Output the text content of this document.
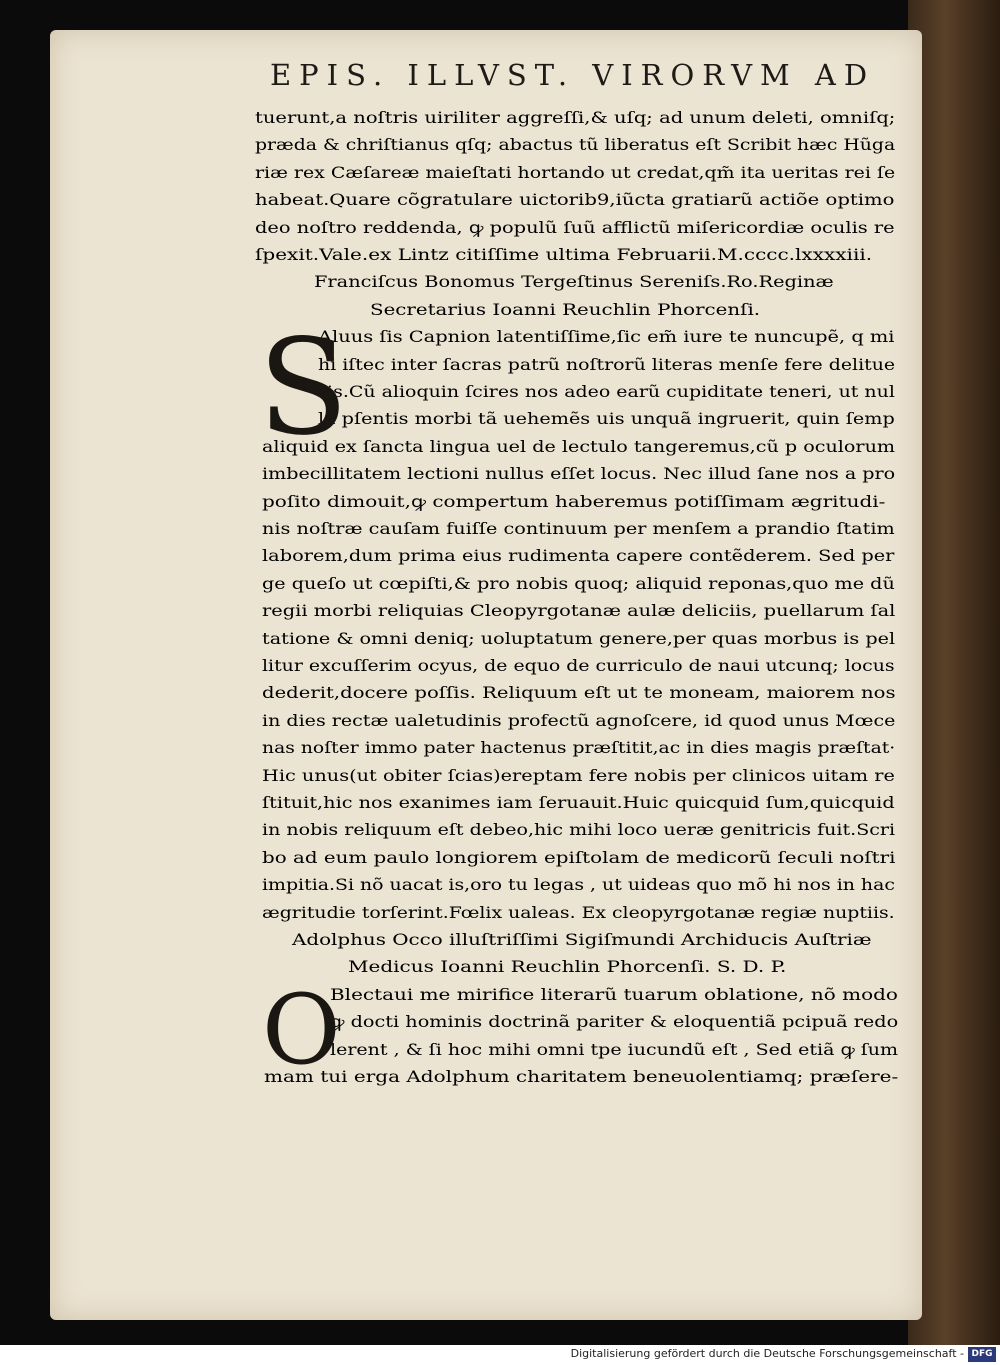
EPIS. ILLVST. VIRORVM AD
tuerunt,a noſtris uiriliter aggreſſi,& uſq; ad unum deleti, omniſq;
præda & chriſtianus qſq; abactus tũ liberatus eſt Scribit hæc Hũga
riæ rex Cæſareæ maieſtati hortando ut credat,qm̃ ita ueritas rei ſe
habeat.Quare cõgratulare uictorib9,iũcta gratiarũ actiõe optimo
deo noſtro reddenda, ꝙ populũ ſuũ afflictũ miſericordiæ oculis re
ſpexit.Vale.ex Lintz citiſſime ultima Februarii.M.cccc.lxxxxiii.
Franciſcus Bonomus Tergeſtinus Sereniſs.Ro.Reginæ
Secretarius Ioanni Reuchlin Phorcenſi.
Aluus ſis Capnion latentiſſime,ſic em̃ iure te nuncupẽ, q mi
hi iſtec inter ſacras patrũ noſtrorũ literas menſe fere delitue
ris.Cũ alioquin ſcires nos adeo earũ cupiditate teneri, ut nul
la pſentis morbi tã uehemẽs uis unquã ingruerit, quin ſemp
aliquid ex ſancta lingua uel de lectulo tangeremus,cũ p oculorum
imbecillitatem lectioni nullus eſſet locus. Nec illud ſane nos a pro
poſito dimouit,ꝙ compertum haberemus potiſſimam ægritudi-
nis noſtræ cauſam fuiſſe continuum per menſem a prandio ſtatim
laborem,dum prima eius rudimenta capere contẽderem. Sed per
ge queſo ut cœpiſti,& pro nobis quoq; aliquid reponas,quo me dũ
regii morbi reliquias Cleopyrgotanæ aulæ deliciis, puellarum ſal
tatione & omni deniq; uoluptatum genere,per quas morbus is pel
litur excuſſerim ocyus, de equo de curriculo de naui utcunq; locus
dederit,docere poſſis. Reliquum eſt ut te moneam, maiorem nos
in dies rectæ ualetudinis profectũ agnoſcere, id quod unus Mœce
nas noſter immo pater hactenus præſtitit,ac in dies magis præſtat·
Hic unus(ut obiter ſcias)ereptam fere nobis per clinicos uitam re
ſtituit,hic nos exanimes iam ſeruauit.Huic quicquid ſum,quicquid
in nobis reliquum eſt debeo,hic mihi loco ueræ genitricis fuit.Scri
bo ad eum paulo longiorem epiſtolam de medicorũ ſeculi noſtri
impitia.Si nõ uacat is,oro tu legas , ut uideas quo mõ hi nos in hac
ægritudie torſerint.Fœlix ualeas. Ex cleopyrgotanæ regiæ nuptiis.
Adolphus Occo illuſtriſſimi Sigiſmundi Archiducis Auſtriæ
Medicus Ioanni Reuchlin Phorcenſi. S. D. P.
Blectaui me mirifice literarũ tuarum oblatione, nõ modo
ꝙ docti hominis doctrinã pariter & eloquentiã pcipuã redo
lerent , & ſi hoc mihi omni tpe iucundũ eſt , Sed etiã ꝙ ſum
mam tui erga Adolphum charitatem beneuolentiamq; præſere-
S
O
Digitalisierung gefördert durch die Deutsche Forschungsgemeinschaft - DFG
